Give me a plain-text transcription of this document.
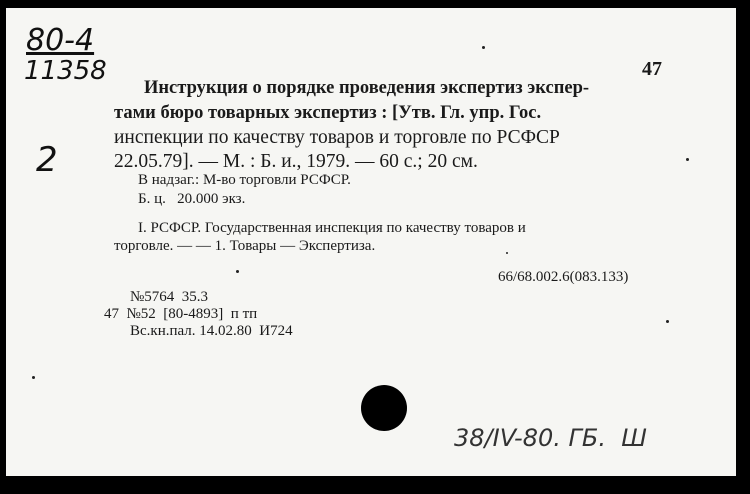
80-4
11358
2
47
Инструкция о порядке проведения экспертиз экспер-
тами бюро товарных экспертиз : [Утв. Гл. упр. Гос.
инспекции по качеству товаров и торговле по РСФСР
22.05.79]. — М. : Б. и., 1979. — 60 с.; 20 см.
В надзаг.: М-во торговли РСФСР.
Б. ц.   20.000 экз.
I. РСФСР. Государственная инспекция по качеству товаров и
торговле. — — 1. Товары — Экспертиза.
66/68.002.6(083.133)
№5764  35.3
47  №52  [80-4893]  п тп
Вс.кн.пал. 14.02.80  И724
38/IV-80. ГБ.  Ш
